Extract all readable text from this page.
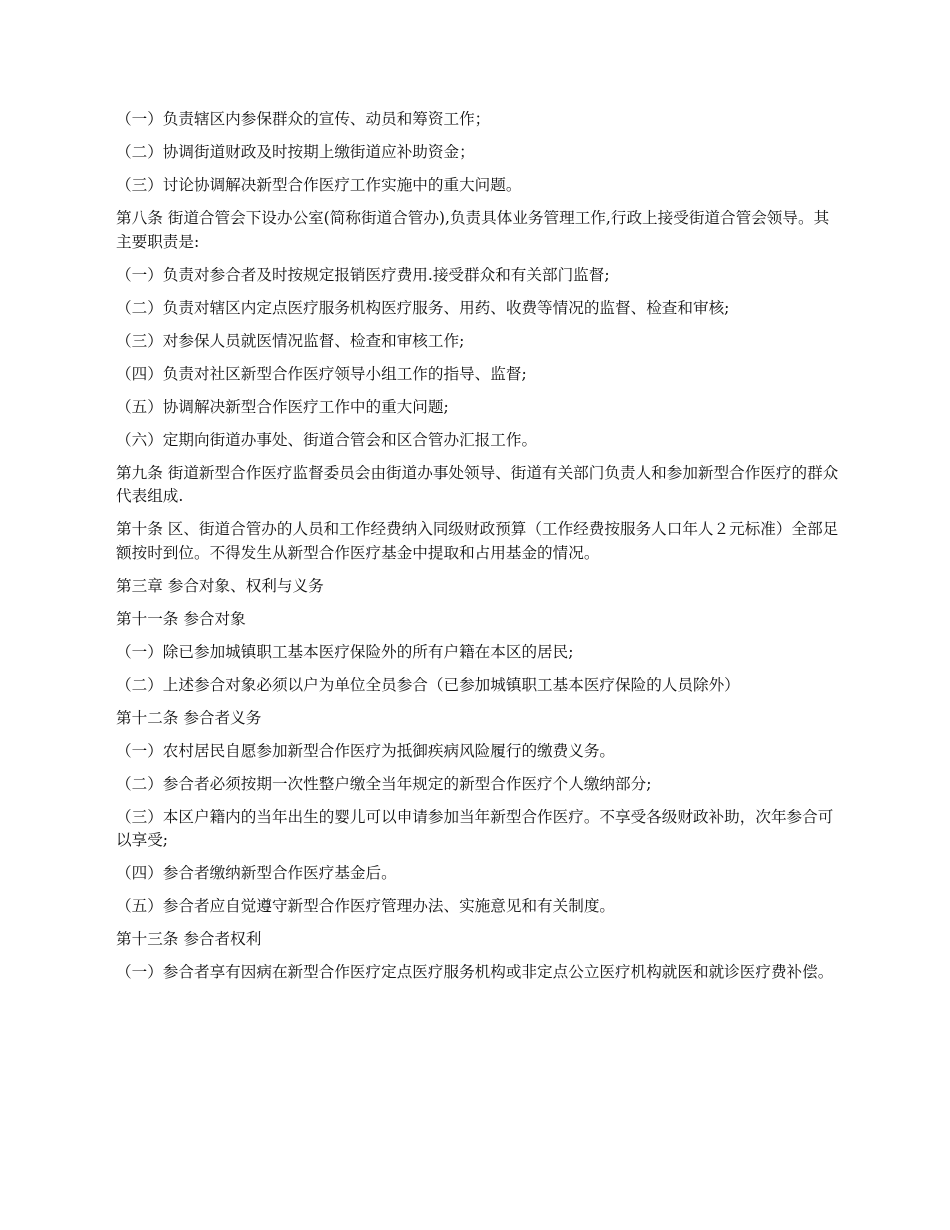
（一）负责辖区内参保群众的宣传、动员和筹资工作；

（二）协调街道财政及时按期上缴街道应补助资金；

（三）讨论协调解决新型合作医疗工作实施中的重大问题。

第八条 街道合管会下设办公室(简称街道合管办),负责具体业务管理工作,行政上接受街道合管会领导。其主要职责是:

（一）负责对参合者及时按规定报销医疗费用.接受群众和有关部门监督;

（二）负责对辖区内定点医疗服务机构医疗服务、用药、收费等情况的监督、检查和审核;

（三）对参保人员就医情况监督、检查和审核工作;

（四）负责对社区新型合作医疗领导小组工作的指导、监督;

（五）协调解决新型合作医疗工作中的重大问题;

（六）定期向街道办事处、街道合管会和区合管办汇报工作。

第九条 街道新型合作医疗监督委员会由街道办事处领导、街道有关部门负责人和参加新型合作医疗的群众代表组成.

第十条 区、街道合管办的人员和工作经费纳入同级财政预算（工作经费按服务人口年人２元标准）全部足额按时到位。不得发生从新型合作医疗基金中提取和占用基金的情况。

第三章 参合对象、权利与义务

第十一条 参合对象

（一）除已参加城镇职工基本医疗保险外的所有户籍在本区的居民;

（二）上述参合对象必须以户为单位全员参合（已参加城镇职工基本医疗保险的人员除外）

第十二条 参合者义务

（一）农村居民自愿参加新型合作医疗为抵御疾病风险履行的缴费义务。

（二）参合者必须按期一次性整户缴全当年规定的新型合作医疗个人缴纳部分;

（三）本区户籍内的当年出生的婴儿可以申请参加当年新型合作医疗。不享受各级财政补助，次年参合可以享受;

（四）参合者缴纳新型合作医疗基金后。

（五）参合者应自觉遵守新型合作医疗管理办法、实施意见和有关制度。

第十三条 参合者权利

（一）参合者享有因病在新型合作医疗定点医疗服务机构或非定点公立医疗机构就医和就诊医疗费补偿。
